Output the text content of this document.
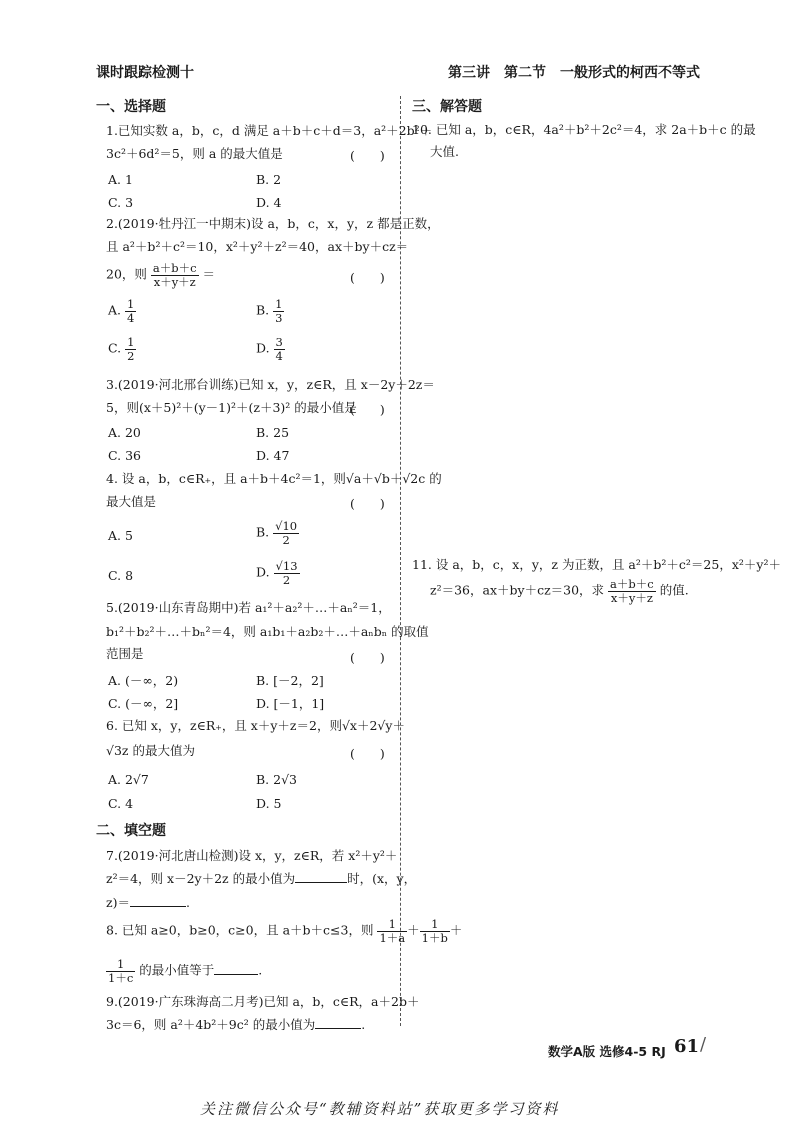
课时跟踪检测十	第三讲　第二节　一般形式的柯西不等式
一、选择题
1.已知实数 a，b，c，d 满足 a＋b＋c＋d＝3，a²＋2b²＋
3c²＋6d²＝5，则 a 的最大值是	(　　)
A. 1	B. 2
C. 3	D. 4
2.(2019·牡丹江一中期末)设 a，b，c，x，y，z 都是正数，
且 a²＋b²＋c²＝10，x²＋y²＋z²＝40，ax＋by＋cz＝
20，则 $\frac{a+b+c}{x+y+z}$ ＝	(　　)
A. $\frac{1}{4}$	B. $\frac{1}{3}$
C. $\frac{1}{2}$	D. $\frac{3}{4}$
3.(2019·河北邢台训练)已知 x，y，z∈R，且 x－2y＋2z＝
5，则(x＋5)²＋(y－1)²＋(z＋3)² 的最小值是
(　　)
A. 20	B. 25
C. 36	D. 47
4. 设 a，b，c∈R₊，且 a＋b＋4c²＝1，则√a＋√b＋√2c 的
最大值是	(　　)
A. 5	B. $\frac{√10}{2}$
C. 8	D. $\frac{√13}{2}$
5.(2019·山东青岛期中)若 a₁²＋a₂²＋…＋aₙ²＝1，
b₁²＋b₂²＋…＋bₙ²＝4，则 a₁b₁＋a₂b₂＋…＋aₙbₙ 的取值
范围是	(　　)
A. (－∞，2)	B. [－2，2]
C. (－∞，2]	D. [－1，1]
6. 已知 x，y，z∈R₊，且 x＋y＋z＝2，则√x＋2√y＋
√3z 的最大值为	(　　)
A. 2√7	B. 2√3
C. 4	D. 5
二、填空题
7.(2019·河北唐山检测)设 x，y，z∈R，若 x²＋y²＋
z²＝4，则 x－2y＋2z 的最小值为	时，(x，y，
z)＝	.
8. 已知 a≥0，b≥0，c≥0，且 a＋b＋c≤3，则 $\frac{1}{1+a} + \frac{1}{1+b}$ ＋
$\frac{1}{1+c}$ 的最小值等于	.
9.(2019·广东珠海高二月考)已知 a，b，c∈R，a＋2b＋
3c＝6，则 a²＋4b²＋9c² 的最小值为	.
三、解答题
10. 已知 a，b，c∈R，4a²＋b²＋2c²＝4，求 2a＋b＋c 的最
大值.
11. 设 a，b，c，x，y，z 为正数，且 a²＋b²＋c²＝25，x²＋y²＋
z²＝36，ax＋by＋cz＝30，求 $\frac{a+b+c}{x+y+z}$ 的值.
数学A版 选修4-5 RJ 61 /
关注微信公众号“教辅资料站”获取更多学习资料
